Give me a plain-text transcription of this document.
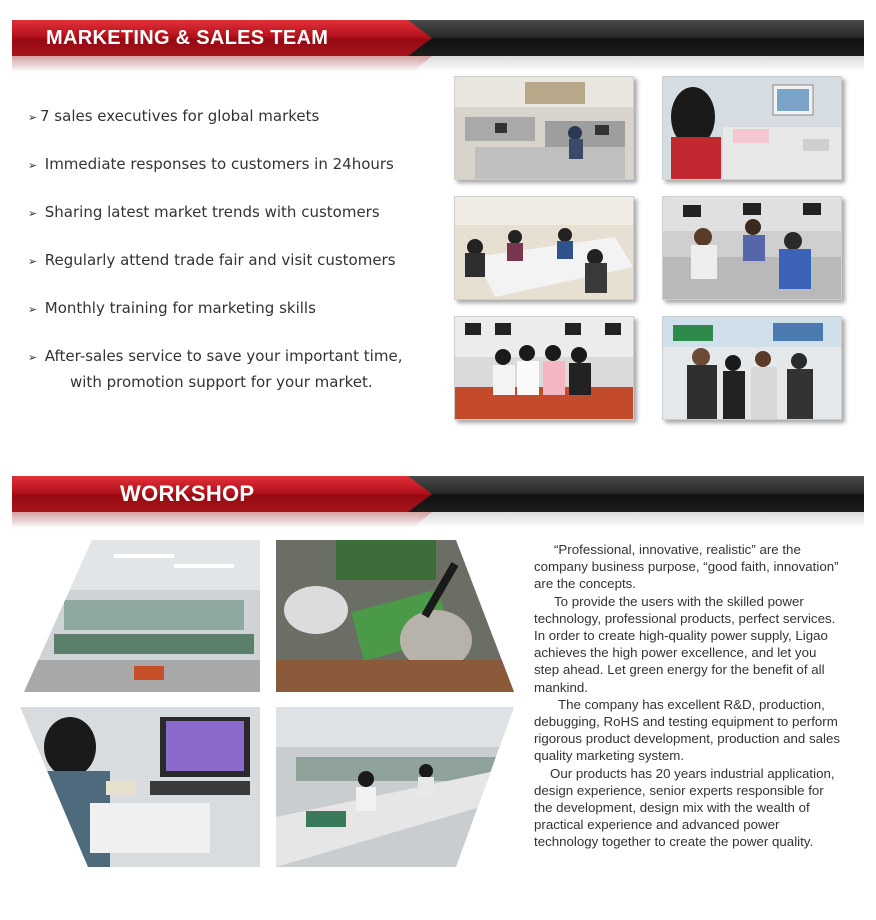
MARKETING & SALES TEAM
➢ 7 sales executives for global markets
➢ Immediate responses to customers in 24hours
➢ Sharing latest market trends with customers
➢ Regularly attend trade fair and visit customers
➢ Monthly training for marketing skills
➢ After-sales service to save your important time,
with promotion support for your market.
WORKSHOP

“Professional, innovative, realistic” are the company business purpose, “good faith, innovation” are the concepts.

To provide the users with the skilled power technology, professional products, perfect services. In order to create high-quality power supply, Ligao achieves the high power excellence, and let you step ahead. Let green energy for the benefit of all mankind.

The company has excellent R&D, production, debugging, RoHS and testing equipment to perform rigorous product development, production and sales quality marketing system.

Our products has 20 years industrial application, design experience, senior experts responsible for the development, design mix with the wealth of practical experience and advanced power technology together to create the power quality.
